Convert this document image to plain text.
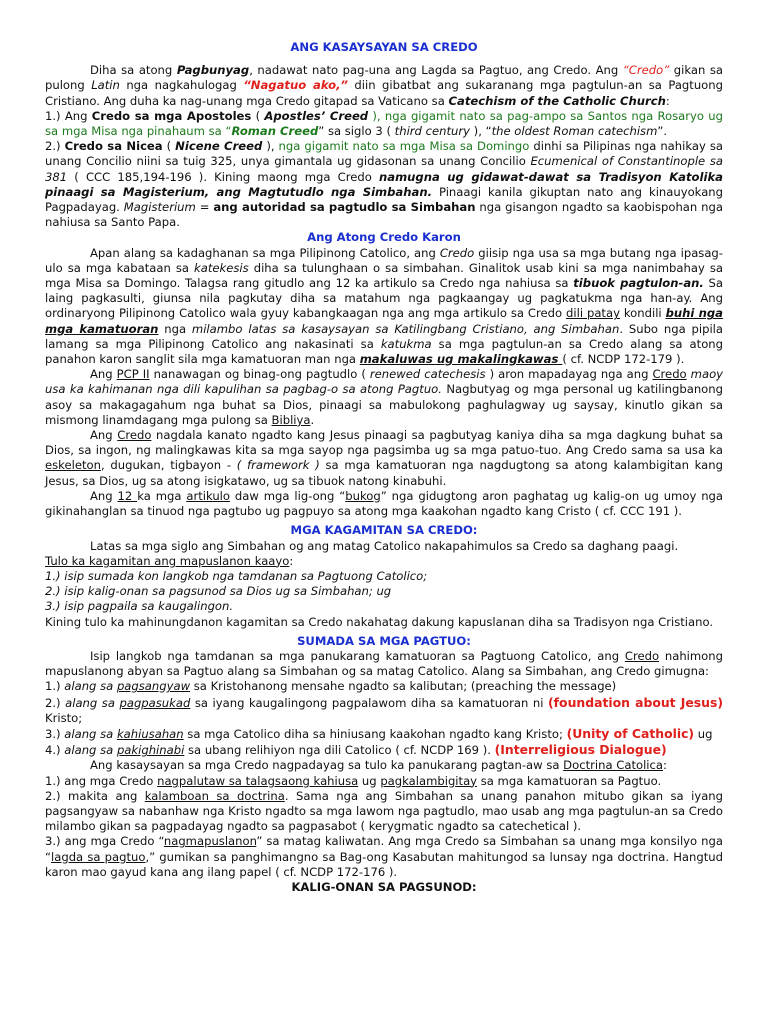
ANG KASAYSAYAN SA CREDO

Diha sa atong Pagbunyag, nadawat nato pag-una ang Lagda sa Pagtuo, ang Credo. Ang “Credo” gikan sa pulong Latin nga nagkahulogag “Nagatuo ako,” diin gibatbat ang sukaranang mga pagtulun-an sa Pagtuong Cristiano. Ang duha ka nag-unang mga Credo gitapad sa Vaticano sa Catechism of the Catholic Church:

1.) Ang Credo sa mga Apostoles ( Apostles’ Creed ), nga gigamit nato sa pag-ampo sa Santos nga Rosaryo ug sa mga Misa nga pinahaum sa “Roman Creed” sa siglo 3 ( third century ), “the oldest Roman catechism”.

2.) Credo sa Nicea ( Nicene Creed ), nga gigamit nato sa mga Misa sa Domingo dinhi sa Pilipinas nga nahikay sa unang Concilio niini sa tuig 325, unya gimantala ug gidasonan sa unang Concilio Ecumenical of Constantinople sa 381 ( CCC 185,194-196 ). Kining maong mga Credo namugna ug gidawat-dawat sa Tradisyon Katolika pinaagi sa Magisterium, ang Magtutudlo nga Simbahan. Pinaagi kanila gikuptan nato ang kinauyokang Pagpadayag. Magisterium = ang autoridad sa pagtudlo sa Simbahan nga gisangon ngadto sa kaobispohan nga nahiusa sa Santo Papa.

Ang Atong Credo Karon

Apan alang sa kadaghanan sa mga Pilipinong Catolico, ang Credo giisip nga usa sa mga butang nga ipasag-ulo sa mga kabataan sa katekesis diha sa tulunghaan o sa simbahan. Ginalitok usab kini sa mga nanimbahay sa mga Misa sa Domingo. Talagsa rang gitudlo ang 12 ka artikulo sa Credo nga nahiusa sa tibuok pagtulon-an. Sa laing pagkasulti, giunsa nila pagkutay diha sa matahum nga pagkaangay ug pagkatukma nga han-ay. Ang ordinaryong Pilipinong Catolico wala gyuy kabangkaagan nga ang mga artikulo sa Credo dili patay kondili buhi nga mga kamatuoran nga milambo latas sa kasaysayan sa Katilingbang Cristiano, ang Simbahan. Subo nga pipila lamang sa mga Pilipinong Catolico ang nakasinati sa katukma sa mga pagtulun-an sa Credo alang sa atong panahon karon sanglit sila mga kamatuoran man nga makaluwas ug makalingkawas ( cf. NCDP 172-179 ).

Ang PCP II nanawagan og binag-ong pagtudlo ( renewed catechesis ) aron mapadayag nga ang Credo maoy usa ka kahimanan nga dili kapulihan sa pagbag-o sa atong Pagtuo. Nagbutyag og mga personal ug katilingbanong asoy sa makagagahum nga buhat sa Dios, pinaagi sa mabulokong paghulagway ug saysay, kinutlo gikan sa mismong linamdagang mga pulong sa Bibliya.

Ang Credo nagdala kanato ngadto kang Jesus pinaagi sa pagbutyag kaniya diha sa mga dagkung buhat sa Dios, sa ingon, ng malingkawas kita sa mga sayop nga pagsimba ug sa mga patuo-tuo. Ang Credo sama sa usa ka eskeleton, dugukan, tigbayon - ( framework ) sa mga kamatuoran nga nagdugtong sa atong kalambigitan kang Jesus, sa Dios, ug sa atong isigkatawo, ug sa tibuok natong kinabuhi.

Ang 12 ka mga artikulo daw mga lig-ong “bukog” nga gidugtong aron paghatag ug kalig-on ug umoy nga gikinahanglan sa tinuod nga pagtubo ug pagpuyo sa atong mga kaakohan ngadto kang Cristo ( cf. CCC 191 ).

MGA KAGAMITAN SA CREDO:

Latas sa mga siglo ang Simbahan og ang matag Catolico nakapahimulos sa Credo sa daghang paagi.

Tulo ka kagamitan ang mapuslanon kaayo:

1.) isip sumada kon langkob nga tamdanan sa Pagtuong Catolico;

2.) isip kalig-onan sa pagsunod sa Dios ug sa Simbahan; ug

3.) isip pagpaila sa kaugalingon.

Kining tulo ka mahinungdanon kagamitan sa Credo nakahatag dakung kapuslanan diha sa Tradisyon nga Cristiano.

SUMADA SA MGA PAGTUO:

Isip langkob nga tamdanan sa mga panukarang kamatuoran sa Pagtuong Catolico, ang Credo nahimong mapuslanong abyan sa Pagtuo alang sa Simbahan og sa matag Catolico. Alang sa Simbahan, ang Credo gimugna:

1.) alang sa pagsangyaw sa Kristohanong mensahe ngadto sa kalibutan; (preaching the message)

2.) alang sa pagpasukad sa iyang kaugalingong pagpalawom diha sa kamatuoran ni (foundation about Jesus) Kristo;

3.) alang sa kahiusahan sa mga Catolico diha sa hiniusang kaakohan ngadto kang Kristo; (Unity of Catholic) ug

4.) alang sa pakighinabi sa ubang relihiyon nga dili Catolico ( cf. NCDP 169 ). (Interreligious Dialogue)

Ang kasaysayan sa mga Credo nagpadayag sa tulo ka panukarang pagtan-aw sa Doctrina Catolica:

1.) ang mga Credo nagpalutaw sa talagsaong kahiusa ug pagkalambigitay sa mga kamatuoran sa Pagtuo.

2.) makita ang kalamboan sa doctrina. Sama nga ang Simbahan sa unang panahon mitubo gikan sa iyang pagsangyaw sa nabanhaw nga Kristo ngadto sa mga lawom nga pagtudlo, mao usab ang mga pagtulun-an sa Credo milambo gikan sa pagpadayag ngadto sa pagpasabot ( kerygmatic ngadto sa catechetical ).

3.) ang mga Credo “nagmapuslanon” sa matag kaliwatan. Ang mga Credo sa Simbahan sa unang mga konsilyo nga “lagda sa pagtuo,” gumikan sa panghimangno sa Bag-ong Kasabutan mahitungod sa lunsay nga doctrina. Hangtud karon mao gayud kana ang ilang papel ( cf. NCDP 172-176 ).

KALIG-ONAN SA PAGSUNOD:
